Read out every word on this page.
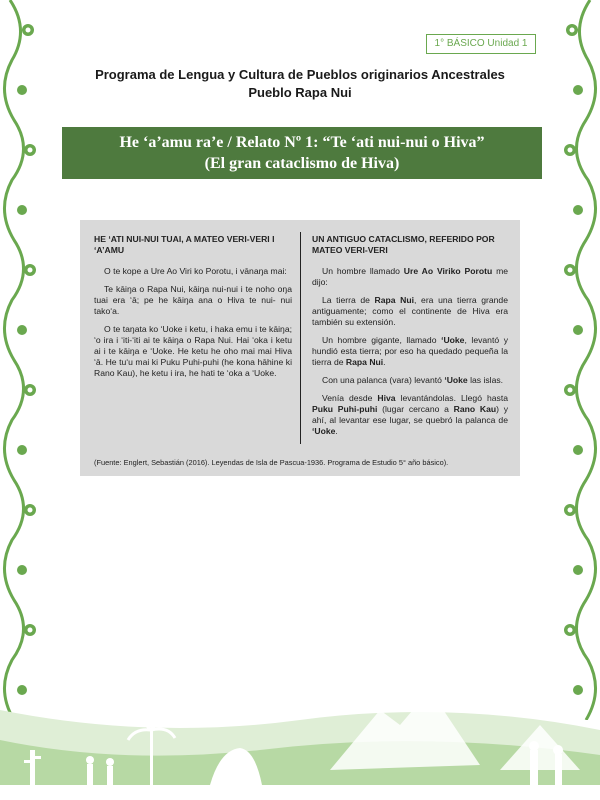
1° BÁSICO Unidad 1
Programa de Lengua y Cultura de Pueblos originarios Ancestrales
Pueblo Rapa Nui
He ‘a’amu ra’e / Relato Nº 1: “Te ‘ati nui-nui o Hiva”
(El gran cataclismo de Hiva)
HE ‘ATI NUI-NUI TUAI, A MATEO VERI-VERI I ‘A’AMU

O te kope a Ure Ao Viri ko Porotu, i vānaŋa mai:

Te kāiŋa o Rapa Nui, kāiŋa nui-nui i te noho oŋa tuai era ‘ā; pe he kāiŋa ana o Hiva te nui- nui tako‘a.

O te taŋata ko ‘Uoke i ketu, i haka emu i te kāiŋa; ‘o ira i ‘iti-‘iti ai te kāiŋa o Rapa Nui. Hai ‘oka i ketu ai i te kāiŋa e ‘Uoke. He ketu he oho mai mai Hiva ‘ā. He tu‘u mai ki Puku Puhi-puhi (he kona hāhine ki Rano Kau), he ketu i ira, he hati te ‘oka a ‘Uoke.

UN ANTIGUO CATACLISMO, REFERIDO POR MATEO VERI-VERI

Un hombre llamado Ure Ao Viriko Porotu me dijo:

La tierra de Rapa Nui, era una tierra grande antiguamente; como el continente de Hiva era también su extensión.

Un hombre gigante, llamado ‘Uoke, levantó y hundió esta tierra; por eso ha quedado pequeña la tierra de Rapa Nui.

Con una palanca (vara) levantó ‘Uoke las islas.

Venía desde Hiva levantándolas. Llegó hasta Puku Puhi-puhi (lugar cercano a Rano Kau) y ahí, al levantar ese lugar, se quebró la palanca de ‘Uoke.

(Fuente: Englert, Sebastián (2016). Leyendas de Isla de Pascua-1936. Programa de Estudio 5° año básico).
